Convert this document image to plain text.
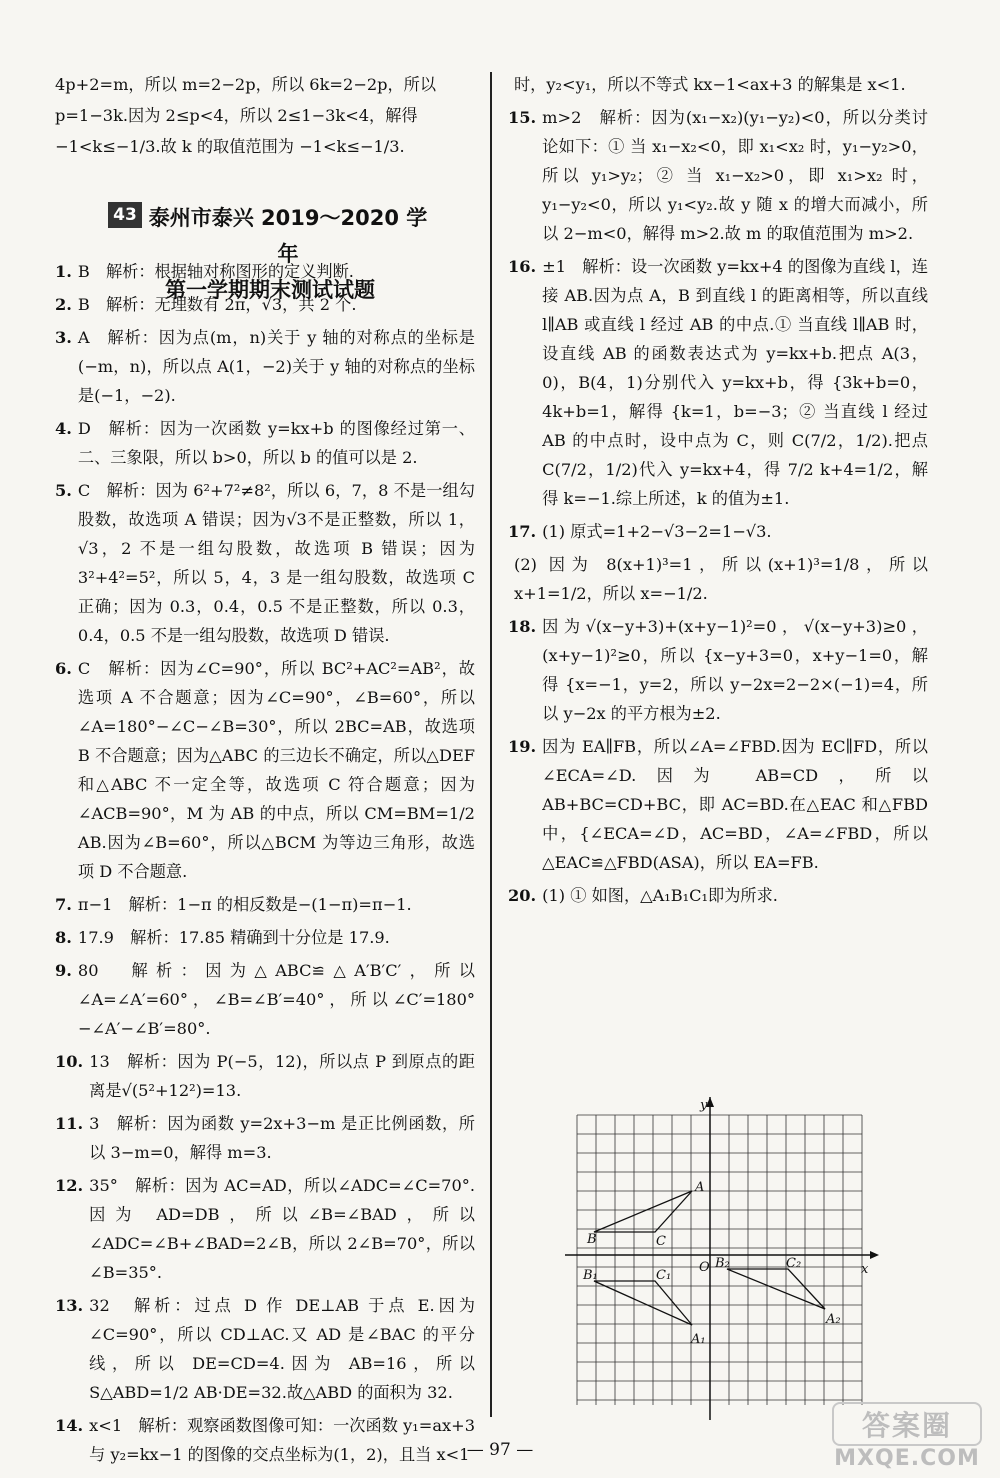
4p+2=m，所以 m=2−2p，所以 6k=2−2p，所以

p=1−3k.因为 2≤p<4，所以 2≤1−3k<4，解得

−1<k≤−1/3.故 k 的取值范围为 −1<k≤−1/3.

1. B　解析：根据轴对称图形的定义判断.
2. B　解析：无理数有 2π，√3，共 2 个.
3. A　解析：因为点(m，n)关于 y 轴的对称点的坐标是(−m，n)，所以点 A(1，−2)关于 y 轴的对称点的坐标是(−1，−2).
4. D　解析：因为一次函数 y=kx+b 的图像经过第一、二、三象限，所以 b>0，所以 b 的值可以是 2.
5. C　解析：因为 6²+7²≠8²，所以 6，7，8 不是一组勾股数，故选项 A 错误；因为√3不是正整数，所以 1，√3，2 不是一组勾股数，故选项 B 错误；因为 3²+4²=5²，所以 5，4，3 是一组勾股数，故选项 C 正确；因为 0.3，0.4，0.5 不是正整数，所以 0.3，0.4，0.5 不是一组勾股数，故选项 D 错误.
6. C　解析：因为∠C=90°，所以 BC²+AC²=AB²，故选项 A 不合题意；因为∠C=90°，∠B=60°，所以∠A=180°−∠C−∠B=30°，所以 2BC=AB，故选项 B 不合题意；因为△ABC 的三边长不确定，所以△DEF 和△ABC 不一定全等，故选项 C 符合题意；因为∠ACB=90°，M 为 AB 的中点，所以 CM=BM=1/2 AB.因为∠B=60°，所以△BCM 为等边三角形，故选项 D 不合题意.
7. π−1　解析：1−π 的相反数是−(1−π)=π−1.
8. 17.9　解析：17.85 精确到十分位是 17.9.
9. 80　解析：因为△ABC≌△A′B′C′，所以∠A=∠A′=60°，∠B=∠B′=40°，所以∠C′=180°−∠A′−∠B′=80°.
10. 13　解析：因为 P(−5，12)，所以点 P 到原点的距离是√(5²+12²)=13.
11. 3　解析：因为函数 y=2x+3−m 是正比例函数，所以 3−m=0，解得 m=3.
12. 35°　解析：因为 AC=AD，所以∠ADC=∠C=70°.因为 AD=DB，所以∠B=∠BAD，所以∠ADC=∠B+∠BAD=2∠B，所以 2∠B=70°，所以∠B=35°.
13. 32　解析：过点 D 作 DE⊥AB 于点 E.因为∠C=90°，所以 CD⊥AC.又 AD 是∠BAC 的平分线，所以 DE=CD=4.因为 AB=16，所以 S△ABD=1/2 AB·DE=32.故△ABD 的面积为 32.
14. x<1　解析：观察函数图像可知：一次函数 y₁=ax+3 与 y₂=kx−1 的图像的交点坐标为(1，2)，且当 x<1
43 泰州市泰兴 2019～2020 学年
第一学期期末测试试题
时，y₂<y₁，所以不等式 kx−1<ax+3 的解集是 x<1.
15. m>2　解析：因为(x₁−x₂)(y₁−y₂)<0，所以分类讨论如下：① 当 x₁−x₂<0，即 x₁<x₂ 时，y₁−y₂>0，所以 y₁>y₂；② 当 x₁−x₂>0，即 x₁>x₂ 时，y₁−y₂<0，所以 y₁<y₂.故 y 随 x 的增大而减小，所以 2−m<0，解得 m>2.故 m 的取值范围为 m>2.
16. ±1　解析：设一次函数 y=kx+4 的图像为直线 l，连接 AB.因为点 A，B 到直线 l 的距离相等，所以直线 l∥AB 或直线 l 经过 AB 的中点.① 当直线 l∥AB 时，设直线 AB 的函数表达式为 y=kx+b.把点 A(3，0)，B(4，1)分别代入 y=kx+b，得 {3k+b=0，4k+b=1，解得 {k=1，b=−3；② 当直线 l 经过 AB 的中点时，设中点为 C，则 C(7/2，1/2).把点 C(7/2，1/2)代入 y=kx+4，得 7/2 k+4=1/2，解得 k=−1.综上所述，k 的值为±1.
17. (1) 原式=1+2−√3−2=1−√3.
(2) 因为 8(x+1)³=1，所以(x+1)³=1/8，所以 x+1=1/2，所以 x=−1/2.
18. 因为√(x−y+3)+(x+y−1)²=0，√(x−y+3)≥0，(x+y−1)²≥0，所以 {x−y+3=0，x+y−1=0，解得 {x=−1，y=2，所以 y−2x=2−2×(−1)=4，所以 y−2x 的平方根为±2.
19. 因为 EA∥FB，所以∠A=∠FBD.因为 EC∥FD，所以∠ECA=∠D.因为 AB=CD，所以 AB+BC=CD+BC，即 AC=BD.在△EAC 和△FBD 中，{∠ECA=∠D，AC=BD，∠A=∠FBD，所以△EAC≌△FBD(ASA)，所以 EA=FB.
20. (1) ① 如图，△A₁B₁C₁即为所求.
y
x
O
A
B	C
C₁
B₁
A₁
B₂	C₂
A₂
— 97 —
答案圈
MXQE.COM
